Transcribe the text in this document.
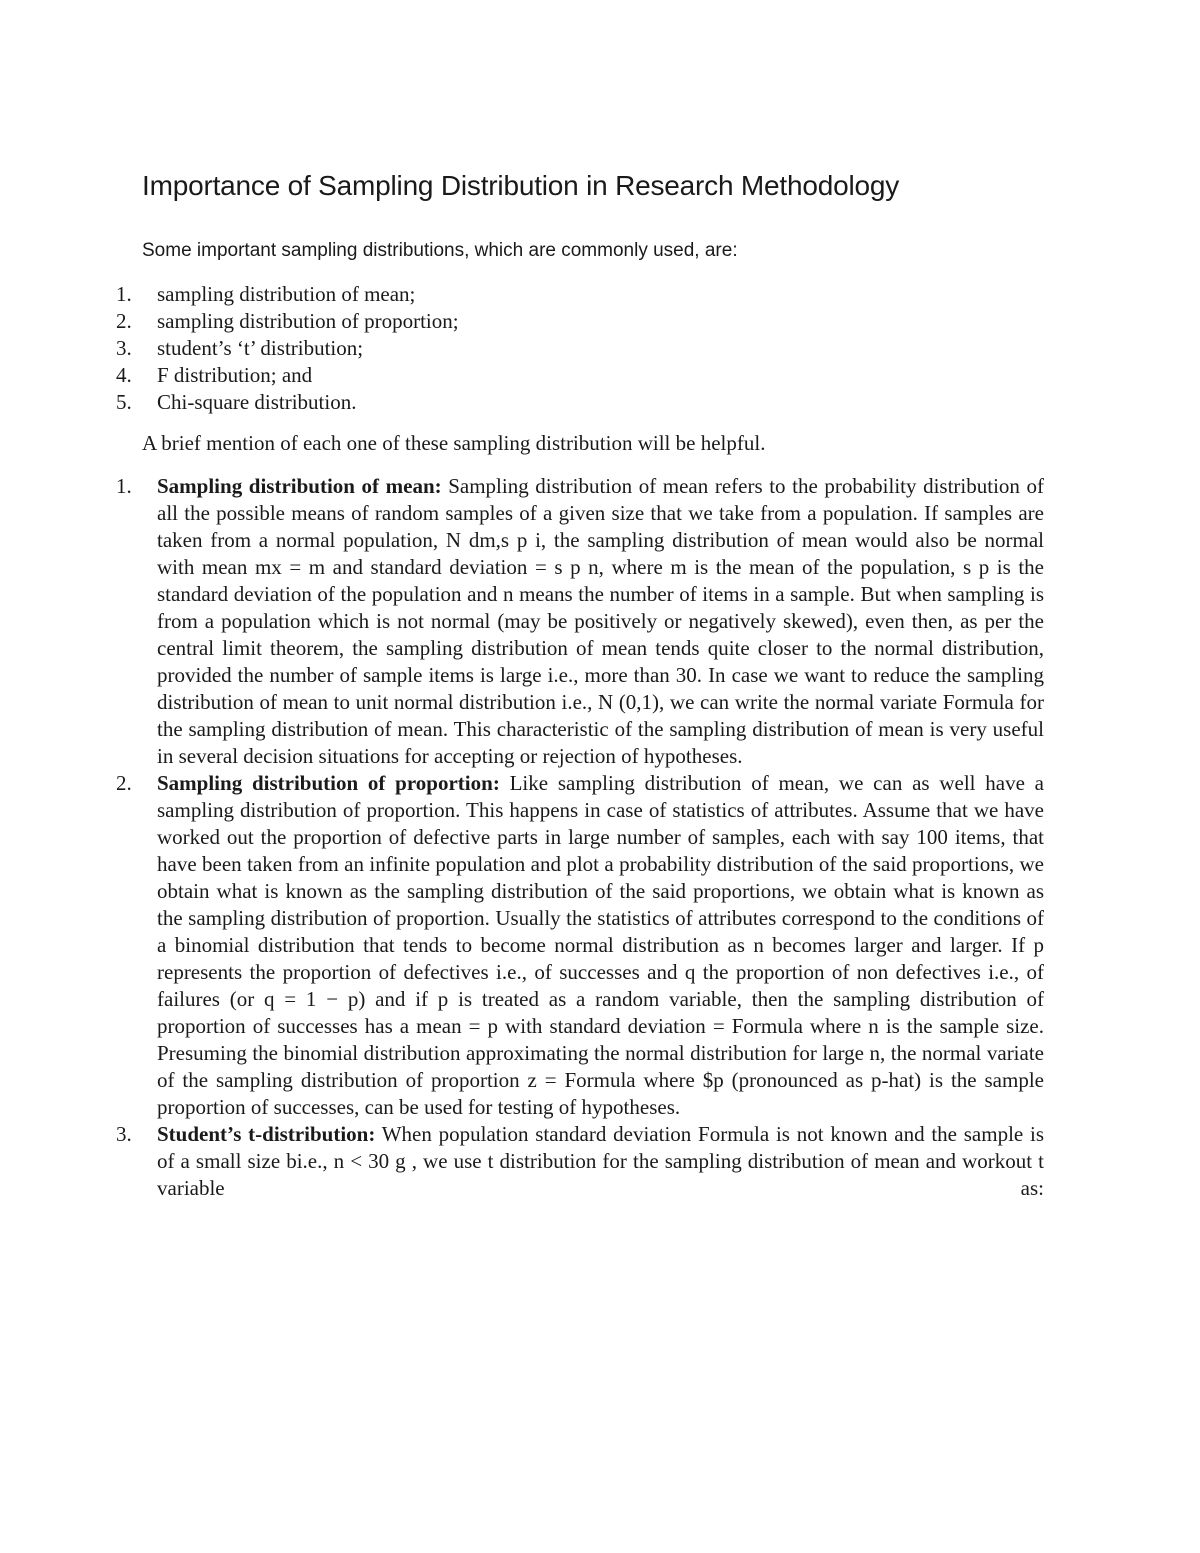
Importance of Sampling Distribution in Research Methodology

Some important sampling distributions, which are commonly used, are:

1. sampling distribution of mean;
2. sampling distribution of proportion;
3. student’s ‘t’ distribution;
4. F distribution; and
5. Chi-square distribution.

A brief mention of each one of these sampling distribution will be helpful.

1. Sampling distribution of mean: Sampling distribution of mean refers to the probability distribution of all the possible means of random samples of a given size that we take from a population. If samples are taken from a normal population, N dm,s p i, the sampling distribution of mean would also be normal with mean mx = m and standard deviation = s p n, where m is the mean of the population, s p is the standard deviation of the population and n means the number of items in a sample. But when sampling is from a population which is not normal (may be positively or negatively skewed), even then, as per the central limit theorem, the sampling distribution of mean tends quite closer to the normal distribution, provided the number of sample items is large i.e., more than 30. In case we want to reduce the sampling distribution of mean to unit normal distribution i.e., N (0,1), we can write the normal variate Formula for the sampling distribution of mean. This characteristic of the sampling distribution of mean is very useful in several decision situations for accepting or rejection of hypotheses.
2. Sampling distribution of proportion: Like sampling distribution of mean, we can as well have a sampling distribution of proportion. This happens in case of statistics of attributes. Assume that we have worked out the proportion of defective parts in large number of samples, each with say 100 items, that have been taken from an infinite population and plot a probability distribution of the said proportions, we obtain what is known as the sampling distribution of the said proportions, we obtain what is known as the sampling distribution of proportion. Usually the statistics of attributes correspond to the conditions of a binomial distribution that tends to become normal distribution as n becomes larger and larger. If p represents the proportion of defectives i.e., of successes and q the proportion of non defectives i.e., of failures (or q = 1 − p) and if p is treated as a random variable, then the sampling distribution of proportion of successes has a mean = p with standard deviation = Formula where n is the sample size. Presuming the binomial distribution approximating the normal distribution for large n, the normal variate of the sampling distribution of proportion z = Formula where $p (pronounced as p-hat) is the sample proportion of successes, can be used for testing of hypotheses.
3. Student’s t-distribution: When population standard deviation Formula is not known and the sample is of a small size bi.e., n < 30 g , we use t distribution for the sampling distribution of mean and workout t variable as:
